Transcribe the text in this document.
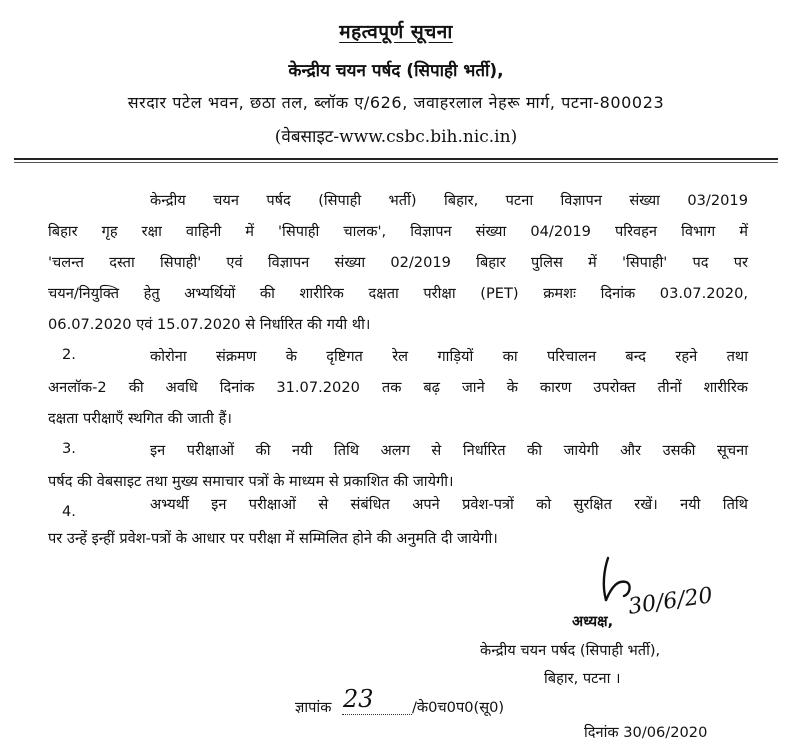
महत्वपूर्ण सूचना
केन्द्रीय चयन पर्षद (सिपाही भर्ती),
सरदार पटेल भवन, छठा तल, ब्लॉक ए/626, जवाहरलाल नेहरू मार्ग, पटना-800023
(वेबसाइट-www.csbc.bih.nic.in)
केन्द्रीय चयन पर्षद (सिपाही भर्ती) बिहार, पटना विज्ञापन संख्या 03/2019
बिहार गृह रक्षा वाहिनी में 'सिपाही चालक', विज्ञापन संख्या 04/2019 परिवहन विभाग में
'चलन्त दस्ता सिपाही' एवं विज्ञापन संख्या 02/2019 बिहार पुलिस में 'सिपाही' पद पर
चयन/नियुक्ति हेतु अभ्यर्थियों की शारीरिक दक्षता परीक्षा (PET) क्रमशः दिनांक 03.07.2020,
06.07.2020 एवं 15.07.2020 से निर्धारित की गयी थी।
2.	कोरोना संक्रमण के दृष्टिगत रेल गाड़ियों का परिचालन बन्द रहने तथा
अनलॉक-2 की अवधि दिनांक 31.07.2020 तक बढ़ जाने के कारण उपरोक्त तीनों शारीरिक
दक्षता परीक्षाएँ स्थगित की जाती हैं।
3.	इन परीक्षाओं की नयी तिथि अलग से निर्धारित की जायेगी और उसकी सूचना
पर्षद की वेबसाइट तथा मुख्य समाचार पत्रों के माध्यम से प्रकाशित की जायेगी।
4.	अभ्यर्थी इन परीक्षाओं से संबंधित अपने प्रवेश-पत्रों को सुरक्षित रखें। नयी तिथि
पर उन्हें इन्हीं प्रवेश-पत्रों के आधार पर परीक्षा में सम्मिलित होने की अनुमति दी जायेगी।
अध्यक्ष,
30/6/20
केन्द्रीय चयन पर्षद (सिपाही भर्ती),
बिहार, पटना ।
ज्ञापांक 23	/के0च0प0(सू0)
दिनांक 30/06/2020
